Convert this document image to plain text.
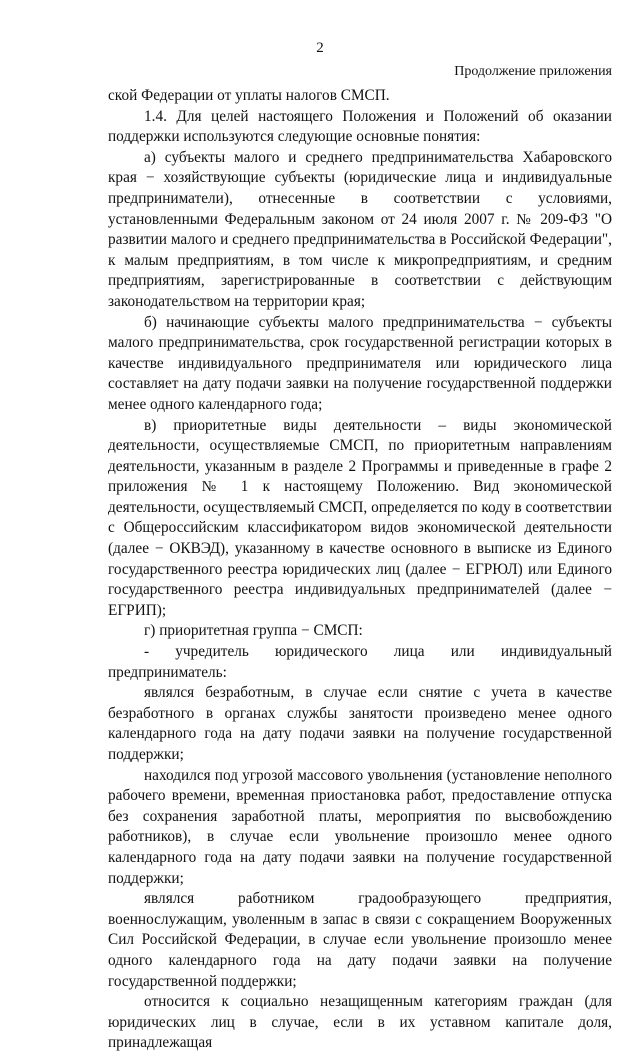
2
Продолжение приложения

ской Федерации от уплаты налогов СМСП.

1.4. Для целей настоящего Положения и Положений об оказании поддержки используются следующие основные понятия:

а) субъекты малого и среднего предпринимательства Хабаровского края − хозяйствующие субъекты (юридические лица и индивидуальные предприниматели), отнесенные в соответствии с условиями, установленными Федеральным законом от 24 июля 2007 г. № 209-ФЗ "О развитии малого и среднего предпринимательства в Российской Федерации", к малым предприятиям, в том числе к микропредприятиям, и средним предприятиям, зарегистрированные в соответствии с действующим законодательством на территории края;

б) начинающие субъекты малого предпринимательства − субъекты малого предпринимательства, срок государственной регистрации которых в качестве индивидуального предпринимателя или юридического лица составляет на дату подачи заявки на получение государственной поддержки менее одного календарного года;

в) приоритетные виды деятельности – виды экономической деятельности, осуществляемые СМСП, по приоритетным направлениям деятельности, указанным в разделе 2 Программы и приведенные в графе 2 приложения № 1 к настоящему Положению. Вид экономической деятельности, осуществляемый СМСП, определяется по коду в соответствии с Общероссийским классификатором видов экономической деятельности (далее − ОКВЭД), указанному в качестве основного в выписке из Единого государственного реестра юридических лиц (далее − ЕГРЮЛ) или Единого государственного реестра индивидуальных предпринимателей (далее − ЕГРИП);

г) приоритетная группа − СМСП:

- учредитель юридического лица или индивидуальный предприниматель:

являлся безработным, в случае если снятие с учета в качестве безработного в органах службы занятости произведено менее одного календарного года на дату подачи заявки на получение государственной поддержки;

находился под угрозой массового увольнения (установление неполного рабочего времени, временная приостановка работ, предоставление отпуска без сохранения заработной платы, мероприятия по высвобождению работников), в случае если увольнение произошло менее одного календарного года на дату подачи заявки на получение государственной поддержки;

являлся работником градообразующего предприятия, военнослужащим, уволенным в запас в связи с сокращением Вооруженных Сил Российской Федерации, в случае если увольнение произошло менее одного календарного года на дату подачи заявки на получение государственной поддержки;

относится к социально незащищенным категориям граждан (для юридических лиц в случае, если в их уставном капитале доля, принадлежащая
